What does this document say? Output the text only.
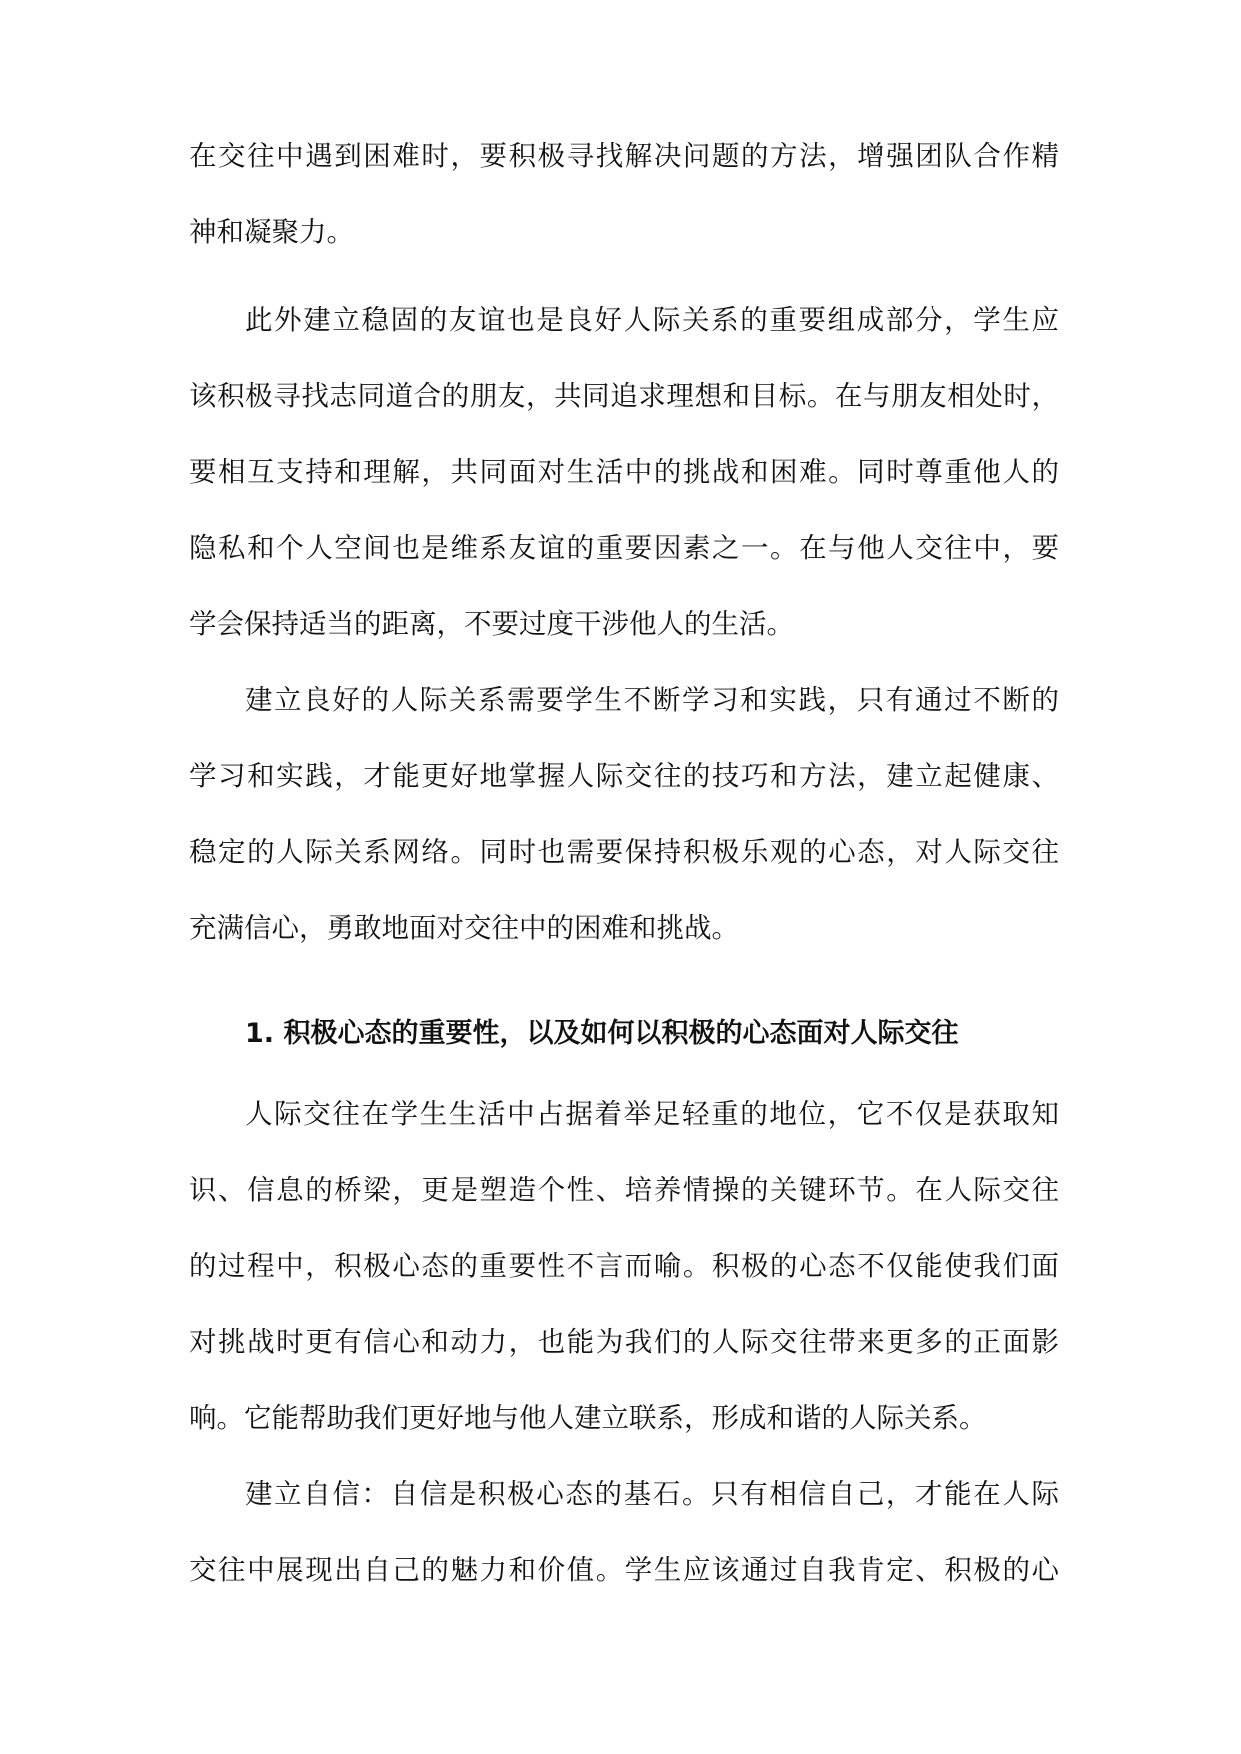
在交往中遇到困难时，要积极寻找解决问题的方法，增强团队合作精

神和凝聚力。

此外建立稳固的友谊也是良好人际关系的重要组成部分，学生应

该积极寻找志同道合的朋友，共同追求理想和目标。在与朋友相处时，

要相互支持和理解，共同面对生活中的挑战和困难。同时尊重他人的

隐私和个人空间也是维系友谊的重要因素之一。在与他人交往中，要

学会保持适当的距离，不要过度干涉他人的生活。

建立良好的人际关系需要学生不断学习和实践，只有通过不断的

学习和实践，才能更好地掌握人际交往的技巧和方法，建立起健康、

稳定的人际关系网络。同时也需要保持积极乐观的心态，对人际交往

充满信心，勇敢地面对交往中的困难和挑战。

1. 积极心态的重要性，以及如何以积极的心态面对人际交往

人际交往在学生生活中占据着举足轻重的地位，它不仅是获取知

识、信息的桥梁，更是塑造个性、培养情操的关键环节。在人际交往

的过程中，积极心态的重要性不言而喻。积极的心态不仅能使我们面

对挑战时更有信心和动力，也能为我们的人际交往带来更多的正面影

响。它能帮助我们更好地与他人建立联系，形成和谐的人际关系。

建立自信：自信是积极心态的基石。只有相信自己，才能在人际

交往中展现出自己的魅力和价值。学生应该通过自我肯定、积极的心
